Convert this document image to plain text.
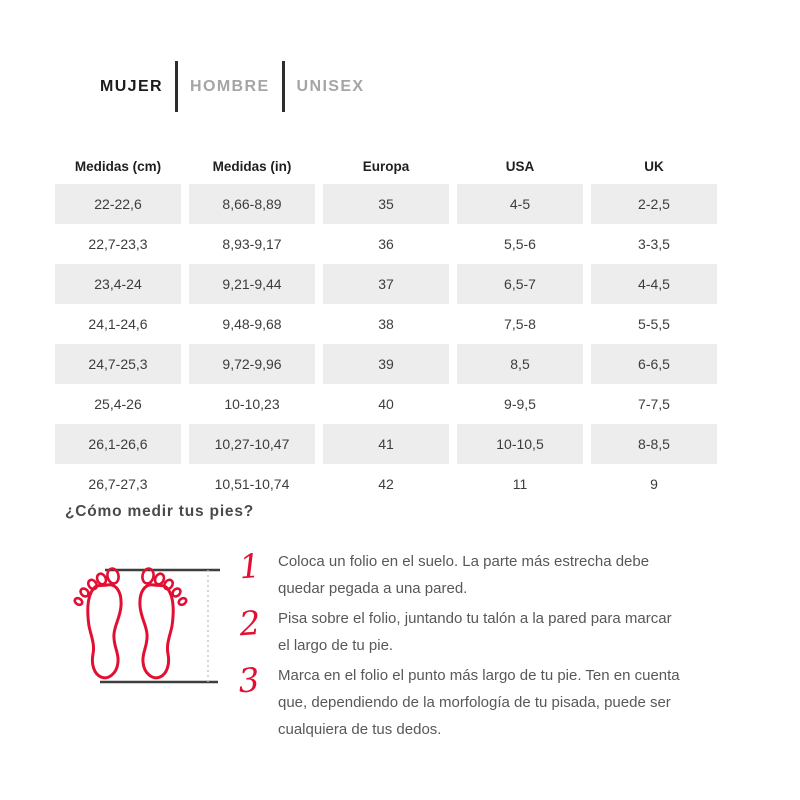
MUJER HOMBRE UNISEX
Medidas (cm)	Medidas (in)	Europa	USA	UK
22-22,6	8,66-8,89	35	4-5	2-2,5
22,7-23,3	8,93-9,17	36	5,5-6	3-3,5
23,4-24	9,21-9,44	37	6,5-7	4-4,5
24,1-24,6	9,48-9,68	38	7,5-8	5-5,5
24,7-25,3	9,72-9,96	39	8,5	6-6,5
25,4-26	10-10,23	40	9-9,5	7-7,5
26,1-26,6	10,27-10,47	41	10-10,5	8-8,5
26,7-27,3	10,51-10,74	42	11	9
¿Cómo medir tus pies?
1	Coloca un folio en el suelo. La parte más estrecha debe
quedar pegada a una pared.
2	Pisa sobre el folio, juntando tu talón a la pared para marcar
el largo de tu pie.
3	Marca en el folio el punto más largo de tu pie. Ten en cuenta
que, dependiendo de la morfología de tu pisada, puede ser
cualquiera de tus dedos.
